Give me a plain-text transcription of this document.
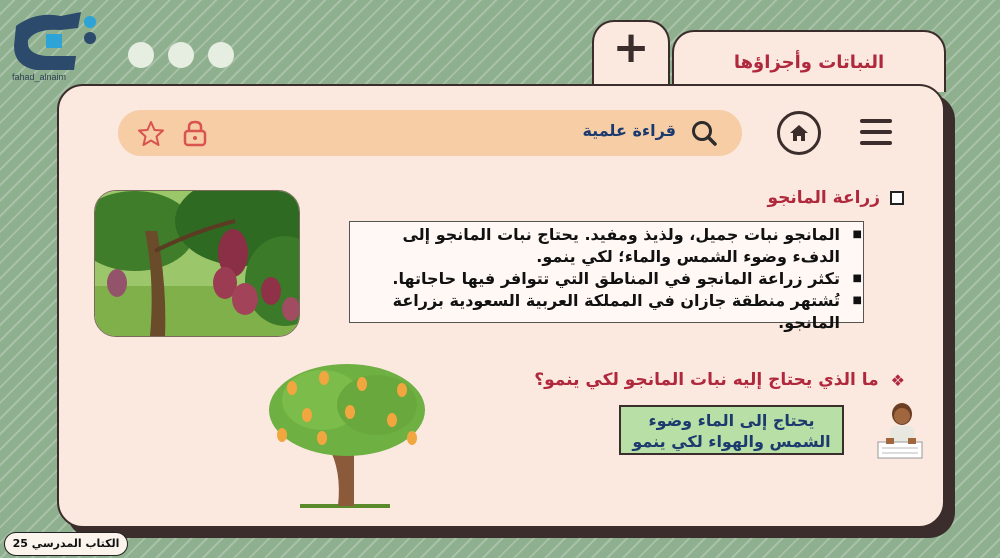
fahad_alnaim
+	النباتات وأجزاؤها
قراءة علمية
زراعة المانجو
■ المانجو نبات جميل، ولذيذ ومفيد. يحتاج نبات المانجو إلى الدفء وضوء الشمس والماء؛ لكي ينمو.
■ تكثر زراعة المانجو في المناطق التي تتوافر فيها حاجاتها.
■ تُشتهر منطقة جازان في المملكة العربية السعودية بزراعة المانجو.
❖
ما الذي يحتاج إليه نبات المانجو لكي ينمو؟
يحتاج إلى الماء وضوء
الشمس والهواء لكي ينمو
الكتاب المدرسي 25
